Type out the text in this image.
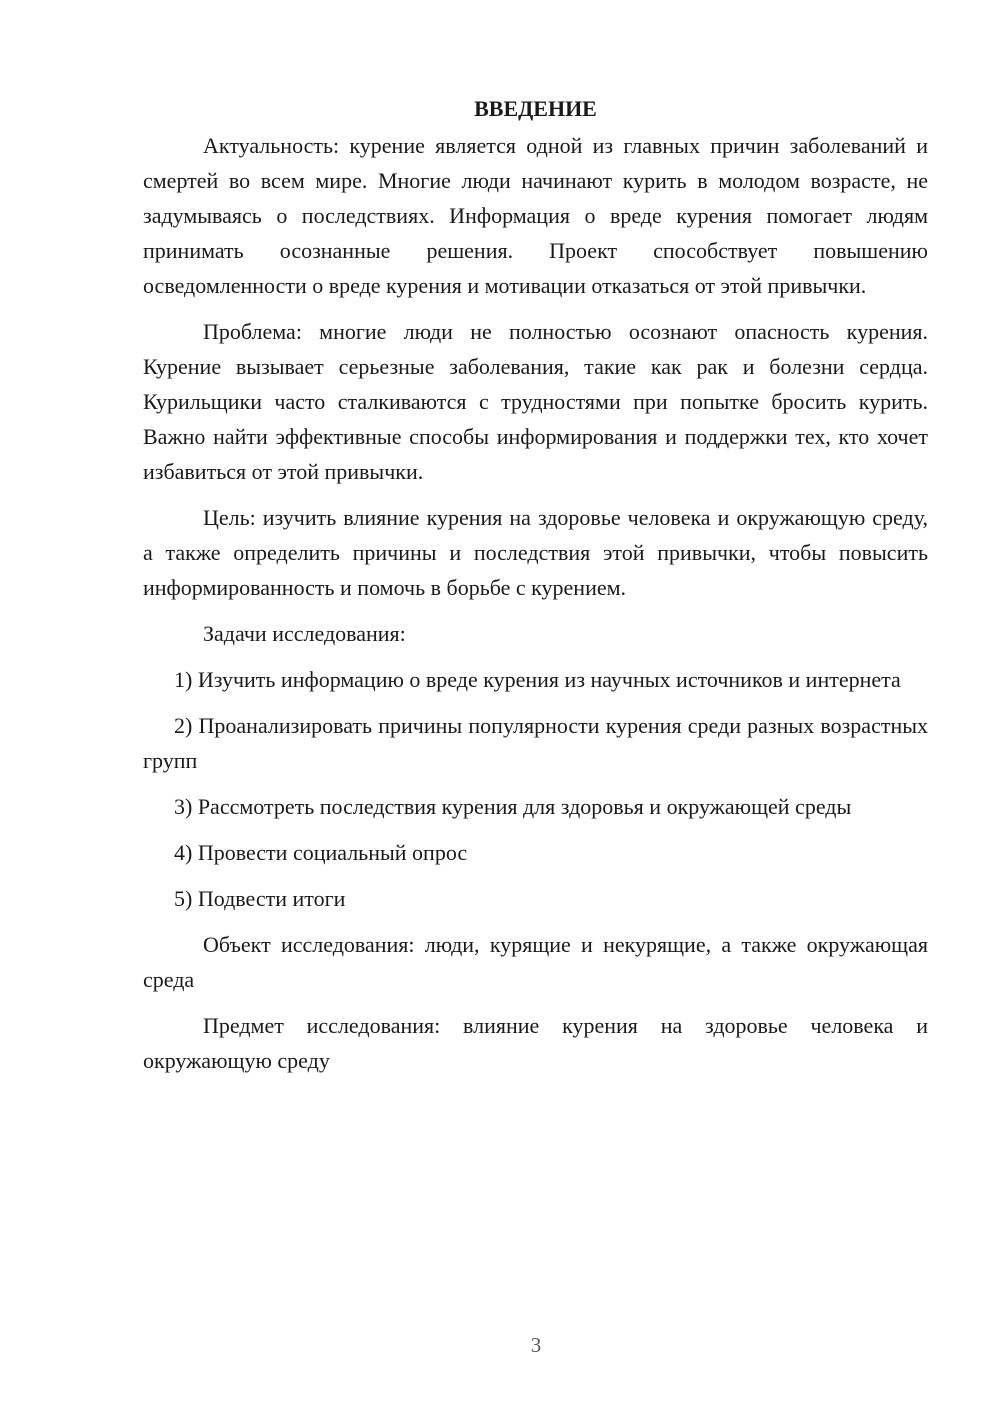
ВВЕДЕНИЕ

Актуальность: курение является одной из главных причин заболеваний и смертей во всем мире. Многие люди начинают курить в молодом возрасте, не задумываясь о последствиях. Информация о вреде курения помогает людям принимать осознанные решения. Проект способствует повышению осведомленности о вреде курения и мотивации отказаться от этой привычки.

Проблема: многие люди не полностью осознают опасность курения. Курение вызывает серьезные заболевания, такие как рак и болезни сердца. Курильщики часто сталкиваются с трудностями при попытке бросить курить. Важно найти эффективные способы информирования и поддержки тех, кто хочет избавиться от этой привычки.

Цель: изучить влияние курения на здоровье человека и окружающую среду, а также определить причины и последствия этой привычки, чтобы повысить информированность и помочь в борьбе с курением.

Задачи исследования:

1) Изучить информацию о вреде курения из научных источников и интернета

2) Проанализировать причины популярности курения среди разных возрастных групп

3) Рассмотреть последствия курения для здоровья и окружающей среды

4) Провести социальный опрос

5) Подвести итоги

Объект исследования: люди, курящие и некурящие, а также окружающая среда

Предмет исследования: влияние курения на здоровье человека и окружающую среду

3
